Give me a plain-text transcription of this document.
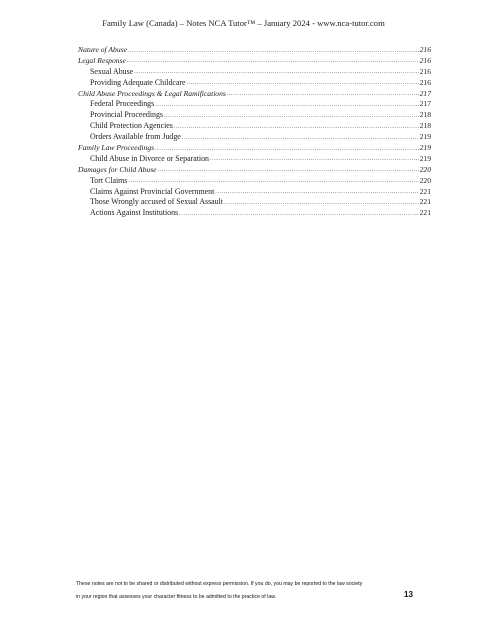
Family Law (Canada) – Notes NCA Tutor™ – January 2024 - www.nca-tutor.com
Nature of Abuse .....	216
Legal Response .....	216
Sexual Abuse .....	216
Providing Adequate Childcare .....	216
Child Abuse Proceedings & Legal Ramifications .....	217
Federal Proceedings .....	217
Provincial Proceedings .....	218
Child Protection Agencies .....	218
Orders Available from Judge .....	219
Family Law Proceedings .....	219
Child Abuse in Divorce or Separation .....	219
Damages for Child Abuse .....	220
Tort Claims .....	220
Claims Against Provincial Government .....	221
Those Wrongly accused of Sexual Assault .....	221
Actions Against Institutions .....	221
These notes are not to be shared or distributed without express permission. If you do, you may be reported to the law society
in your region that assesses your character fitness to be admitted to the practice of law.	13
